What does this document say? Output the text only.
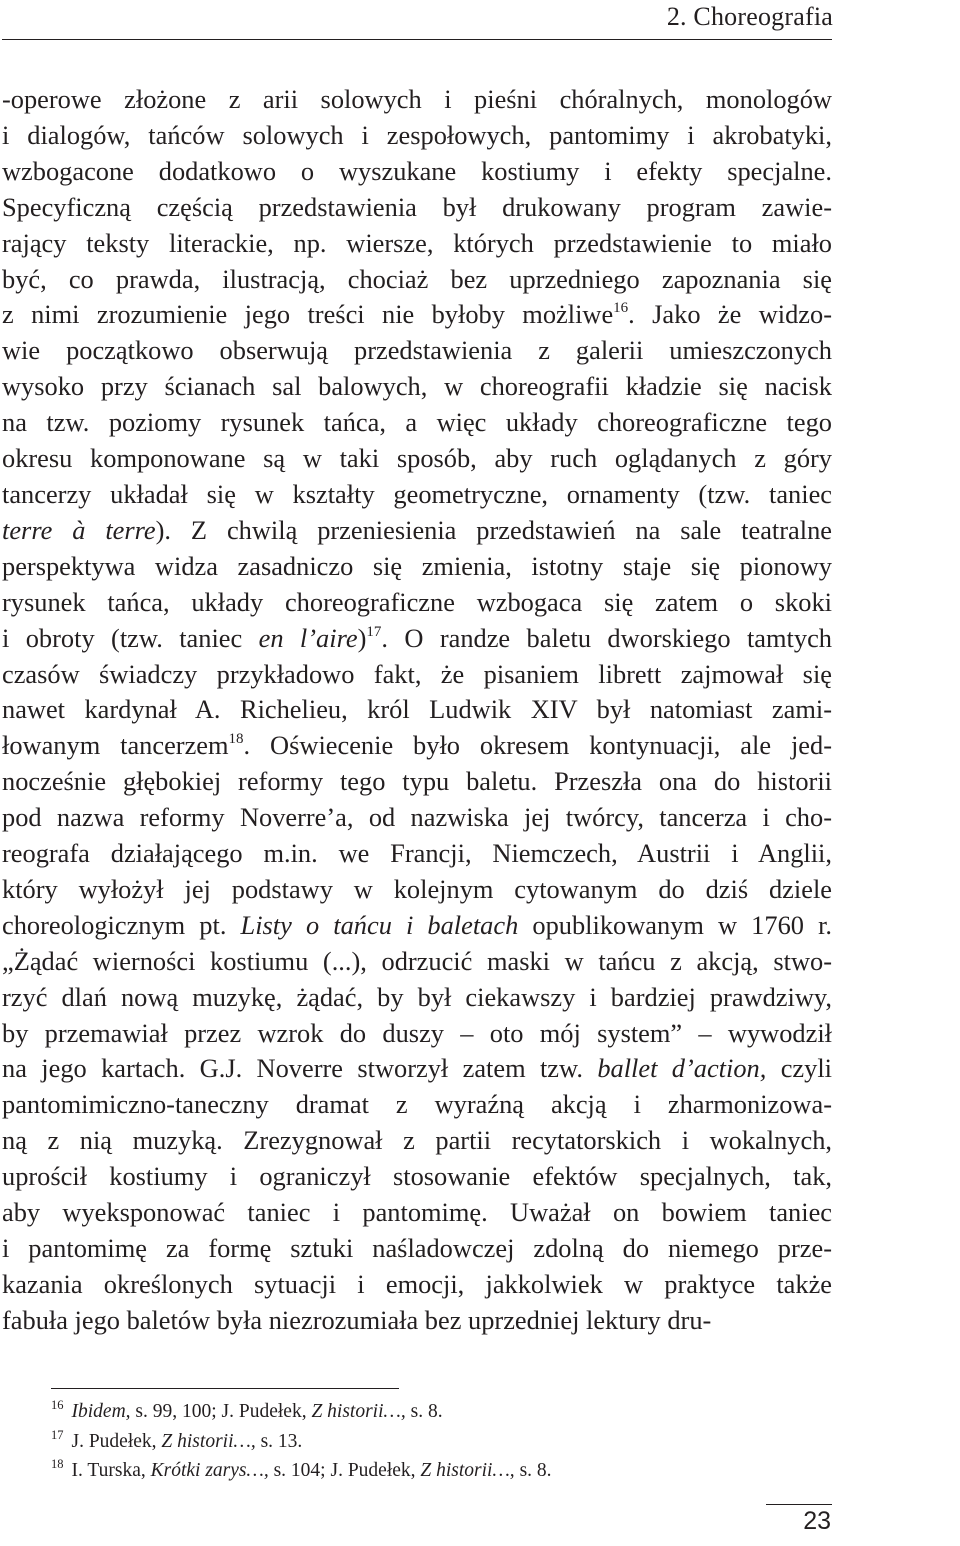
2. Choreografia
-operowe złożone z arii solowych i pieśni chóralnych, monologów
i dialogów, tańców solowych i zespołowych, pantomimy i akrobatyki,
wzbogacone dodatkowo o wyszukane kostiumy i efekty specjalne.
Specyficzną częścią przedstawienia był drukowany program zawie-
rający teksty literackie, np. wiersze, których przedstawienie to miało
być, co prawda, ilustracją, chociaż bez uprzedniego zapoznania się
z nimi zrozumienie jego treści nie byłoby możliwe$^{16}$. Jako że widzo-
wie początkowo obserwują przedstawienia z galerii umieszczonych
wysoko przy ścianach sal balowych, w choreografii kładzie się nacisk
na tzw. poziomy rysunek tańca, a więc układy choreograficzne tego
okresu komponowane są w taki sposób, aby ruch oglądanych z góry
tancerzy układał się w kształty geometryczne, ornamenty (tzw. taniec
terre à terre). Z chwilą przeniesienia przedstawień na sale teatralne
perspektywa widza zasadniczo się zmienia, istotny staje się pionowy
rysunek tańca, układy choreograficzne wzbogaca się zatem o skoki
i obroty (tzw. taniec en l’aire)$^{17}$. O randze baletu dworskiego tamtych
czasów świadczy przykładowo fakt, że pisaniem librett zajmował się
nawet kardynał A. Richelieu, król Ludwik XIV był natomiast zami-
łowanym tancerzem$^{18}$. Oświecenie było okresem kontynuacji, ale jed-
nocześnie głębokiej reformy tego typu baletu. Przeszła ona do historii
pod nazwa reformy Noverre’a, od nazwiska jej twórcy, tancerza i cho-
reografa działającego m.in. we Francji, Niemczech, Austrii i Anglii,
który wyłożył jej podstawy w kolejnym cytowanym do dziś dziele
choreologicznym pt. Listy o tańcu i baletach opublikowanym w 1760 r.
„Żądać wierności kostiumu (...), odrzucić maski w tańcu z akcją, stwo-
rzyć dlań nową muzykę, żądać, by był ciekawszy i bardziej prawdziwy,
by przemawiał przez wzrok do duszy – oto mój system” – wywodził
na jego kartach. G.J. Noverre stworzył zatem tzw. ballet d’action, czyli
pantomimiczno-taneczny dramat z wyraźną akcją i zharmonizowa-
ną z nią muzyką. Zrezygnował z partii recytatorskich i wokalnych,
uprościł kostiumy i ograniczył stosowanie efektów specjalnych, tak,
aby wyeksponować taniec i pantomimę. Uważał on bowiem taniec
i pantomimę za formę sztuki naśladowczej zdolną do niemego prze-
kazania określonych sytuacji i emocji, jakkolwiek w praktyce także
fabuła jego baletów była niezrozumiała bez uprzedniej lektury dru-
$^{16}$ Ibidem, s. 99, 100; J. Pudełek, Z historii…, s. 8.
$^{17}$ J. Pudełek, Z historii…, s. 13.
$^{18}$ I. Turska, Krótki zarys…, s. 104; J. Pudełek, Z historii…, s. 8.
23
